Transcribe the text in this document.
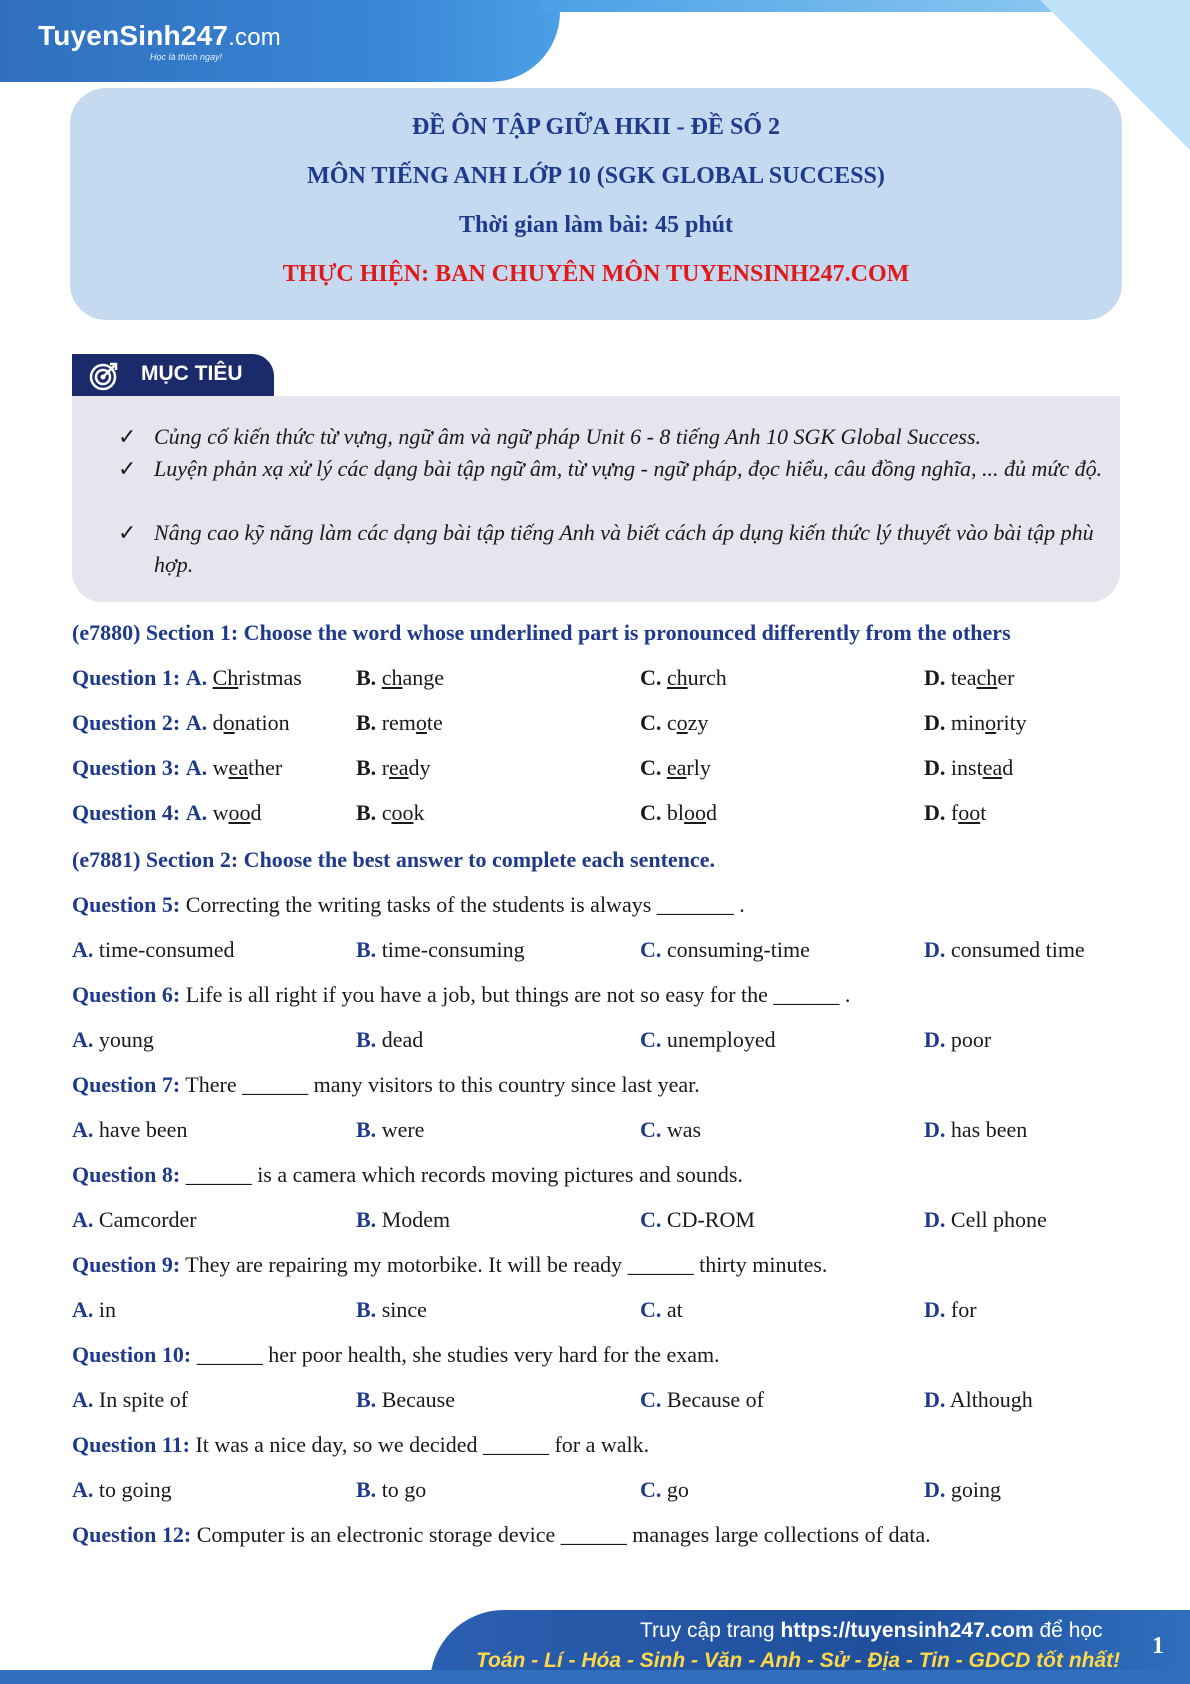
TuyenSinh247.com
Học là thích ngay!
ĐỀ ÔN TẬP GIỮA HKII - ĐỀ SỐ 2
MÔN TIẾNG ANH LỚP 10 (SGK GLOBAL SUCCESS)
Thời gian làm bài: 45 phút
THỰC HIỆN: BAN CHUYÊN MÔN TUYENSINH247.COM
MỤC TIÊU
✓ Củng cố kiến thức từ vựng, ngữ âm và ngữ pháp Unit 6 - 8 tiếng Anh 10 SGK Global Success.
✓ Luyện phản xạ xử lý các dạng bài tập ngữ âm, từ vựng - ngữ pháp, đọc hiểu, câu đồng nghĩa, ... đủ mức độ.
✓ Nâng cao kỹ năng làm các dạng bài tập tiếng Anh và biết cách áp dụng kiến thức lý thuyết vào bài tập phù hợp.
(e7880) Section 1: Choose the word whose underlined part is pronounced differently from the others
Question 1: A. Christmas B. change	C. church	D. teacher
Question 2: A. donation	B. remote	C. cozy	D. minority
Question 3: A. weather	B. ready	C. early	D. instead
Question 4: A. wood	B. cook	C. blood	D. foot
(e7881) Section 2: Choose the best answer to complete each sentence.
Question 5: Correcting the writing tasks of the students is always _______ .
A. time-consumed	B. time-consuming	C. consuming-time	D. consumed time
Question 6: Life is all right if you have a job, but things are not so easy for the ______ .
A. young	B. dead	C. unemployed	D. poor
Question 7: There ______ many visitors to this country since last year.
A. have been	B. were	C. was	D. has been
Question 8: ______ is a camera which records moving pictures and sounds.
A. Camcorder	B. Modem	C. CD-ROM	D. Cell phone
Question 9: They are repairing my motorbike. It will be ready ______ thirty minutes.
A. in	B. since	C. at	D. for
Question 10: ______ her poor health, she studies very hard for the exam.
A. In spite of	B. Because	C. Because of	D. Although
Question 11: It was a nice day, so we decided ______ for a walk.
A. to going	B. to go	C. go	D. going
Question 12: Computer is an electronic storage device ______ manages large collections of data.
Truy cập trang https://tuyensinh247.com để học
Toán - Lí - Hóa - Sinh - Văn - Anh - Sử - Địa - Tin - GDCD tốt nhất!
1
